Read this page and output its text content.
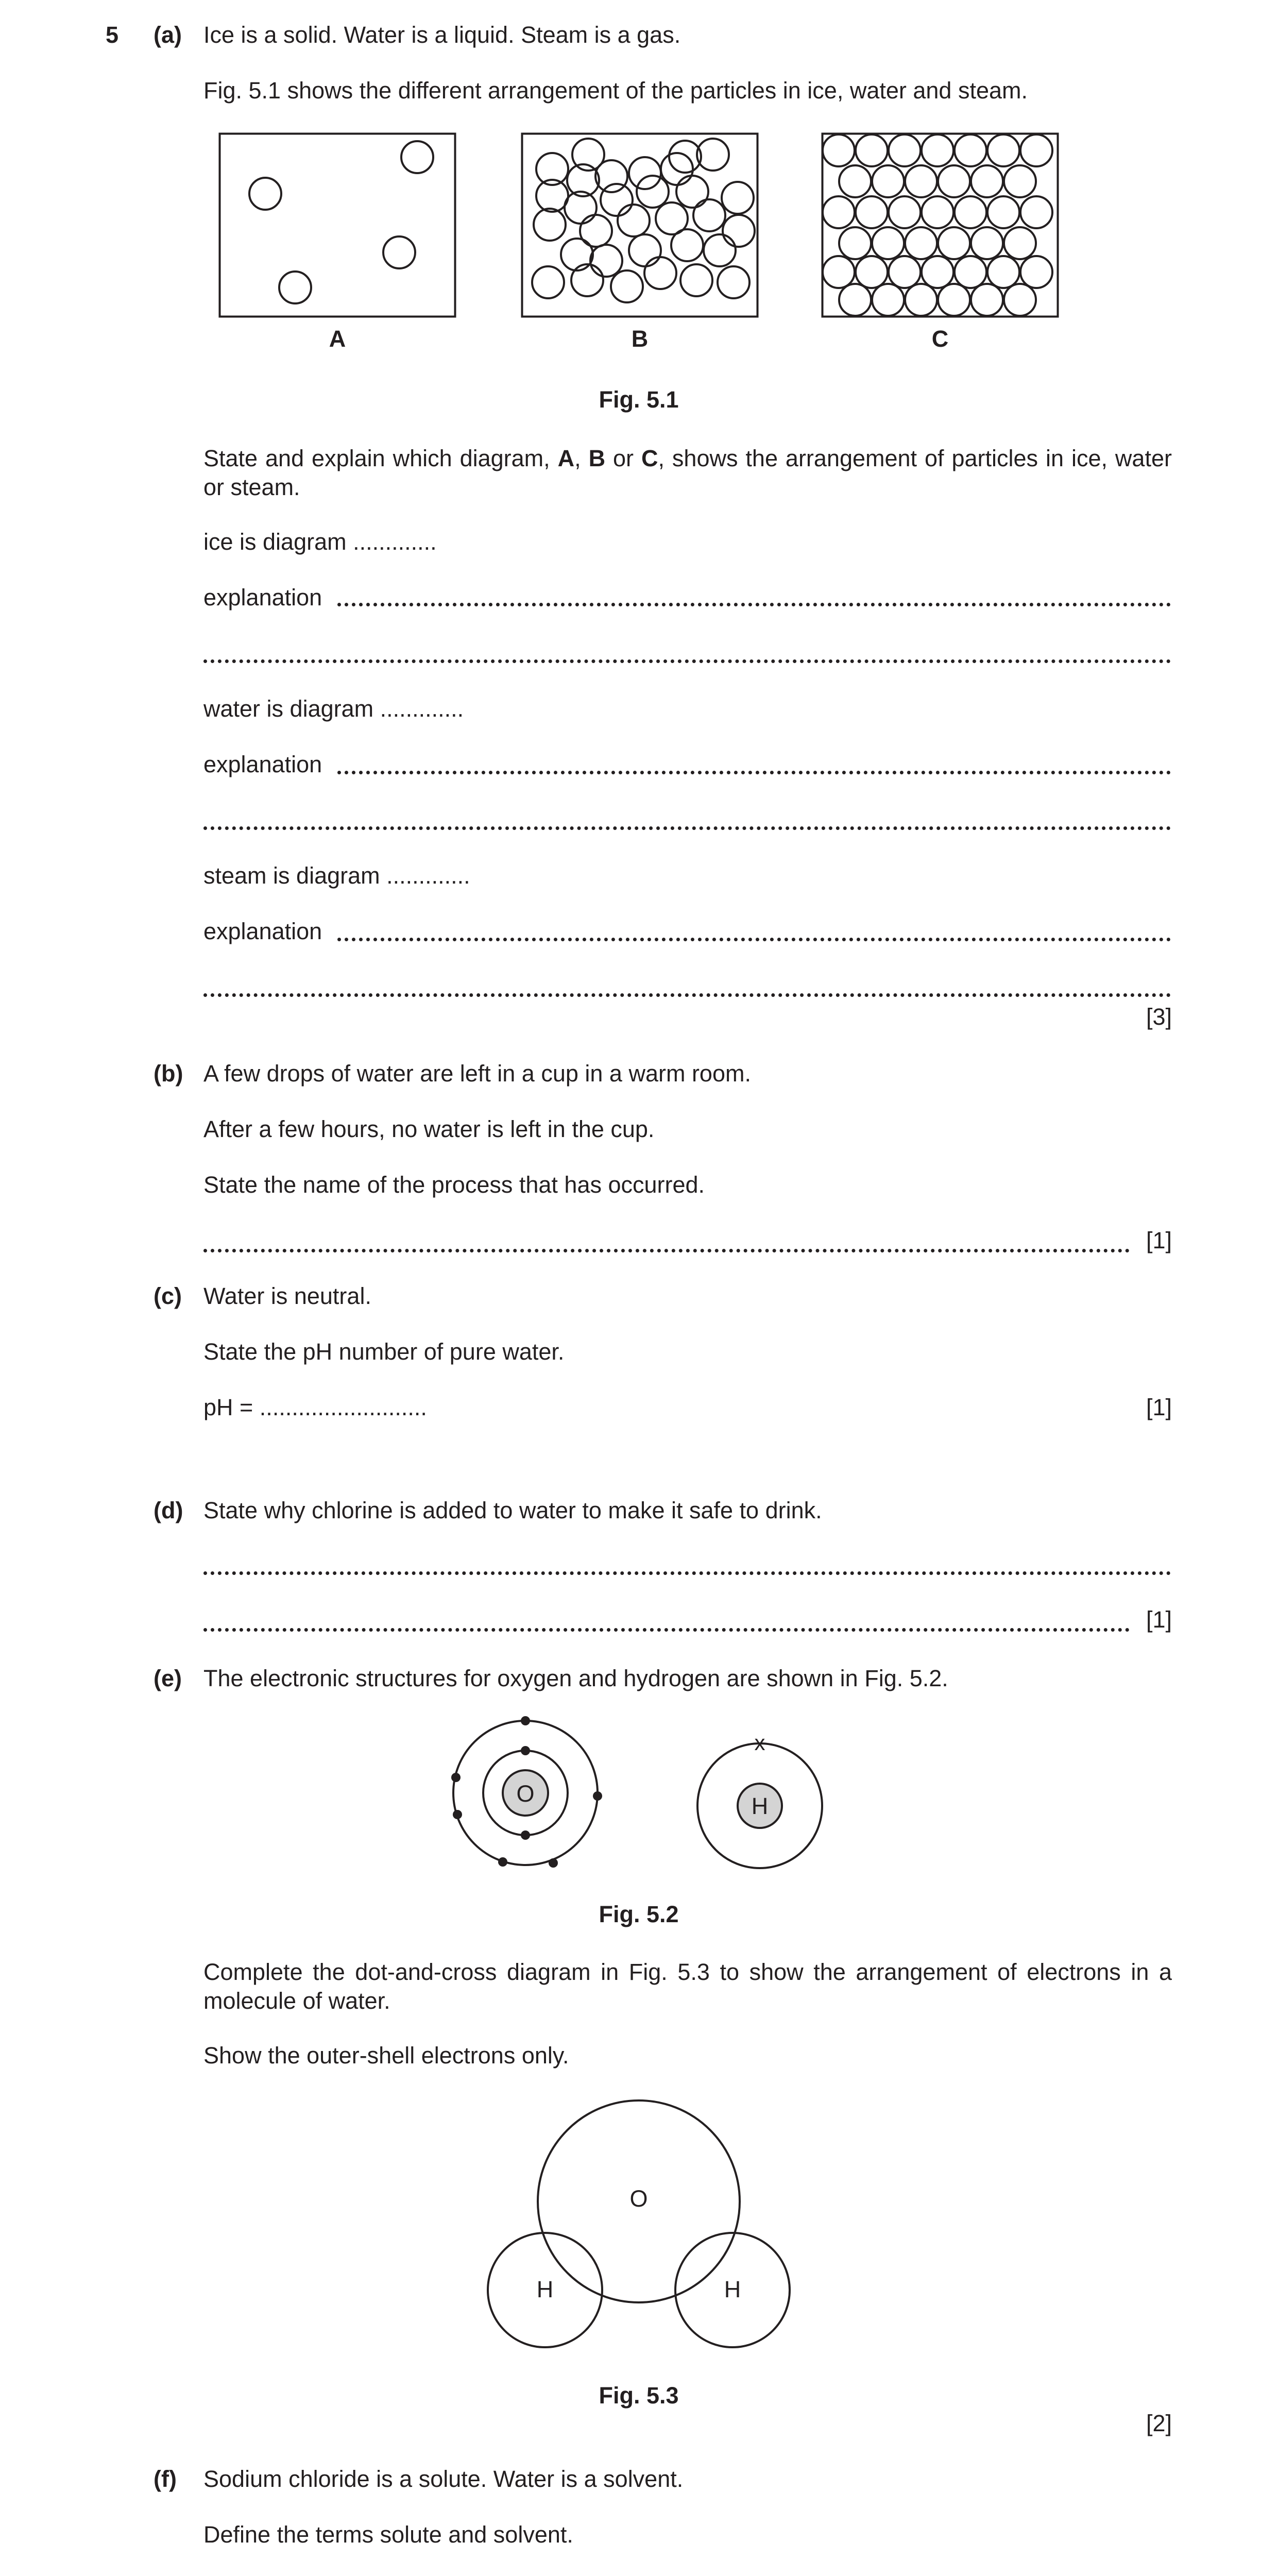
5 (a) Ice is a solid. Water is a liquid. Steam is a gas.
Fig. 5.1 shows the different arrangement of the particles in ice, water and steam.
A	B	C
Fig. 5.1
State and explain which diagram, A, B or C, shows the arrangement of particles in ice, water or steam.
ice is diagram .............
explanation
water is diagram .............
explanation
steam is diagram .............
explanation
[3]
(b) A few drops of water are left in a cup in a warm room.
After a few hours, no water is left in the cup.
State the name of the process that has occurred.
[1]
(c) Water is neutral.
State the pH number of pure water.
pH = ..........................	[1]
(d) State why chlorine is added to water to make it safe to drink.
[1]
(e) The electronic structures for oxygen and hydrogen are shown in Fig. 5.2.
O	H
x
Fig. 5.2
Complete the dot-and-cross diagram in Fig. 5.3 to show the arrangement of electrons in a molecule of water.
Show the outer-shell electrons only.
O
H	H
Fig. 5.3
[2]
(f) Sodium chloride is a solute. Water is a solvent.
Define the terms solute and solvent.
